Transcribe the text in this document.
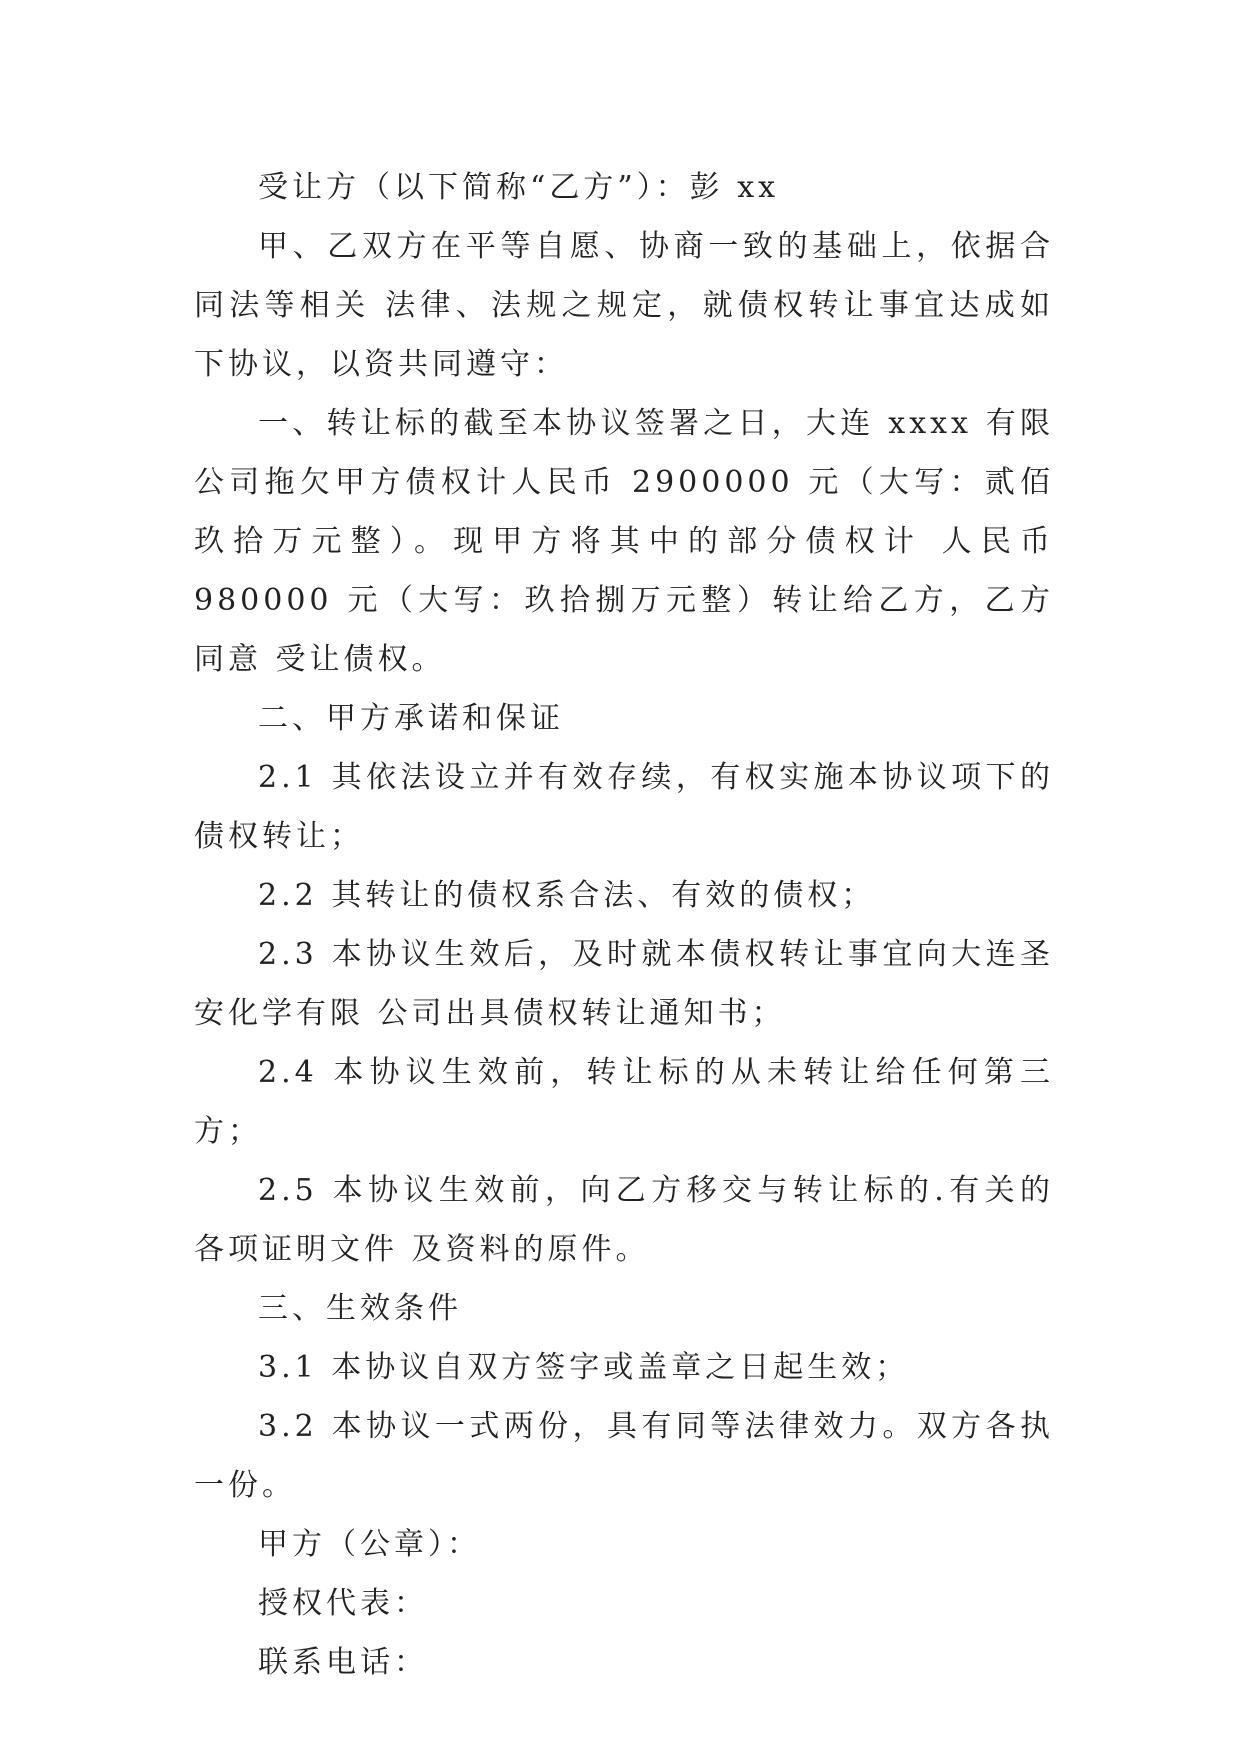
受让方（以下简称“乙方”）：彭 xx

甲、乙双方在平等自愿、协商一致的基础上，依据合同法等相关 法律、法规之规定，就债权转让事宜达成如下协议，以资共同遵守：

一、转让标的截至本协议签署之日，大连 xxxx 有限公司拖欠甲方债权计人民币 2900000 元（大写：贰佰玖拾万元整）。现甲方将其中的部分债权计 人民币 980000 元（大写：玖拾捌万元整）转让给乙方，乙方同意 受让债权。

二、甲方承诺和保证

2.1 其依法设立并有效存续，有权实施本协议项下的债权转让；

2.2 其转让的债权系合法、有效的债权；

2.3 本协议生效后，及时就本债权转让事宜向大连圣安化学有限 公司出具债权转让通知书；

2.4 本协议生效前，转让标的从未转让给任何第三方；

2.5 本协议生效前，向乙方移交与转让标的.有关的各项证明文件 及资料的原件。

三、生效条件

3.1 本协议自双方签字或盖章之日起生效；

3.2 本协议一式两份，具有同等法律效力。双方各执一份。

甲方（公章）：

授权代表：

联系电话：
